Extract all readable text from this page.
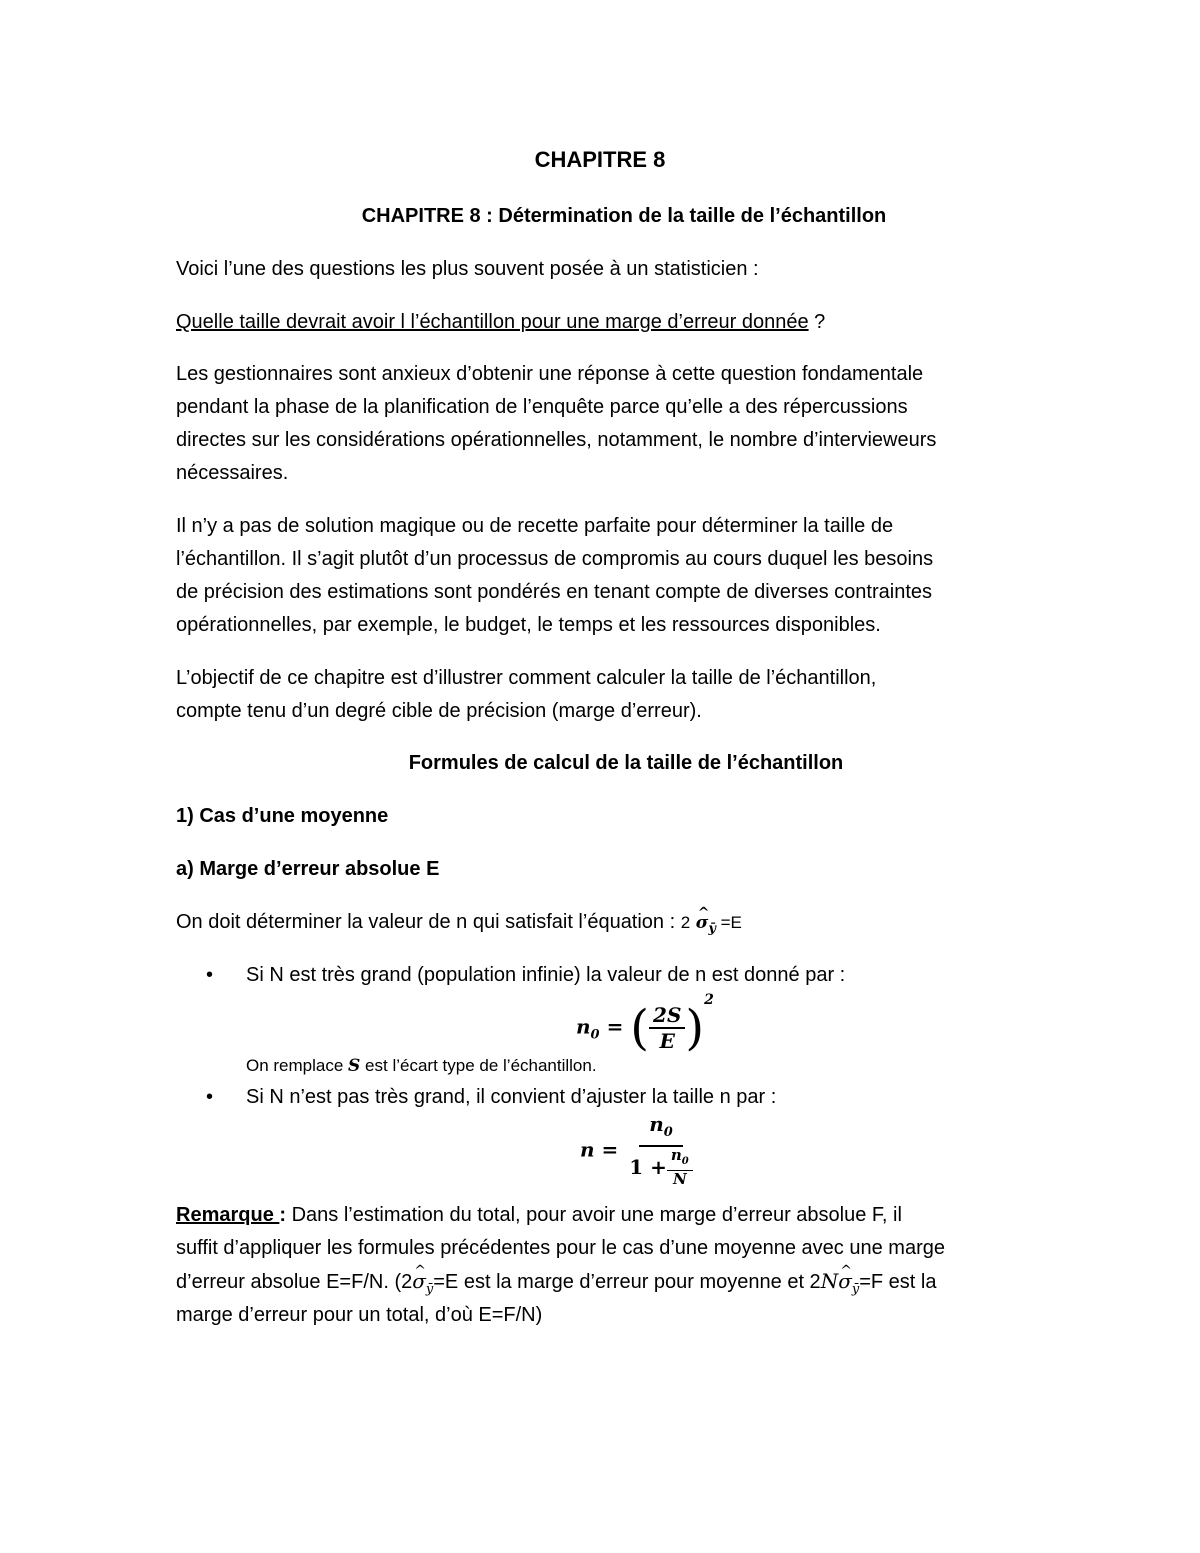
CHAPITRE 8
CHAPITRE 8 : Détermination de la taille de l’échantillon
Voici l’une des questions les plus souvent posée à un statisticien :
Quelle taille devrait avoir l l’échantillon pour une marge d’erreur donnée ?
Les gestionnaires sont anxieux d’obtenir une réponse à cette question fondamentale
pendant la phase de la planification de l’enquête parce qu’elle a des répercussions
directes sur les considérations opérationnelles, notamment, le nombre d’intervieweurs
nécessaires.
Il n’y a pas de solution magique ou de recette parfaite pour déterminer la taille de
l’échantillon. Il s’agit plutôt d’un processus de compromis au cours duquel les besoins
de précision des estimations sont pondérés en tenant compte de diverses contraintes
opérationnelles, par exemple, le budget, le temps et les ressources disponibles.
L’objectif de ce chapitre est d’illustrer comment calculer la taille de l’échantillon,
compte tenu d’un degré cible de précision (marge d’erreur).
Formules de calcul de la taille de l’échantillon
1) Cas d’une moyenne
a) Marge d’erreur absolue E
On doit déterminer la valeur de n qui satisfait l’équation : 2 ^ $\sigma_ȳ =E$
• Si N est très grand (population infinie) la valeur de n est donné par :
$n_0$ = ( $\frac{2S}{E} )^2$
On remplace S est l’écart type de l’échantillon.
• Si N n’est pas très grand, il convient d’ajuster la taille n par :
$n = \frac{n_0}{1 + \frac{n_0}{N}}$
Remarque : Dans l’estimation du total, pour avoir une marge d’erreur absolue F, il
suffit d’appliquer les formules précédentes pour le cas d’une moyenne avec une marge
d’erreur absolue E=F/N. (2^ $\sigma_ȳ=E$ est la marge d’erreur pour moyenne et 2N^ $\sigma_ȳ=F$ est la
marge d’erreur pour un total, d’où E=F/N)
